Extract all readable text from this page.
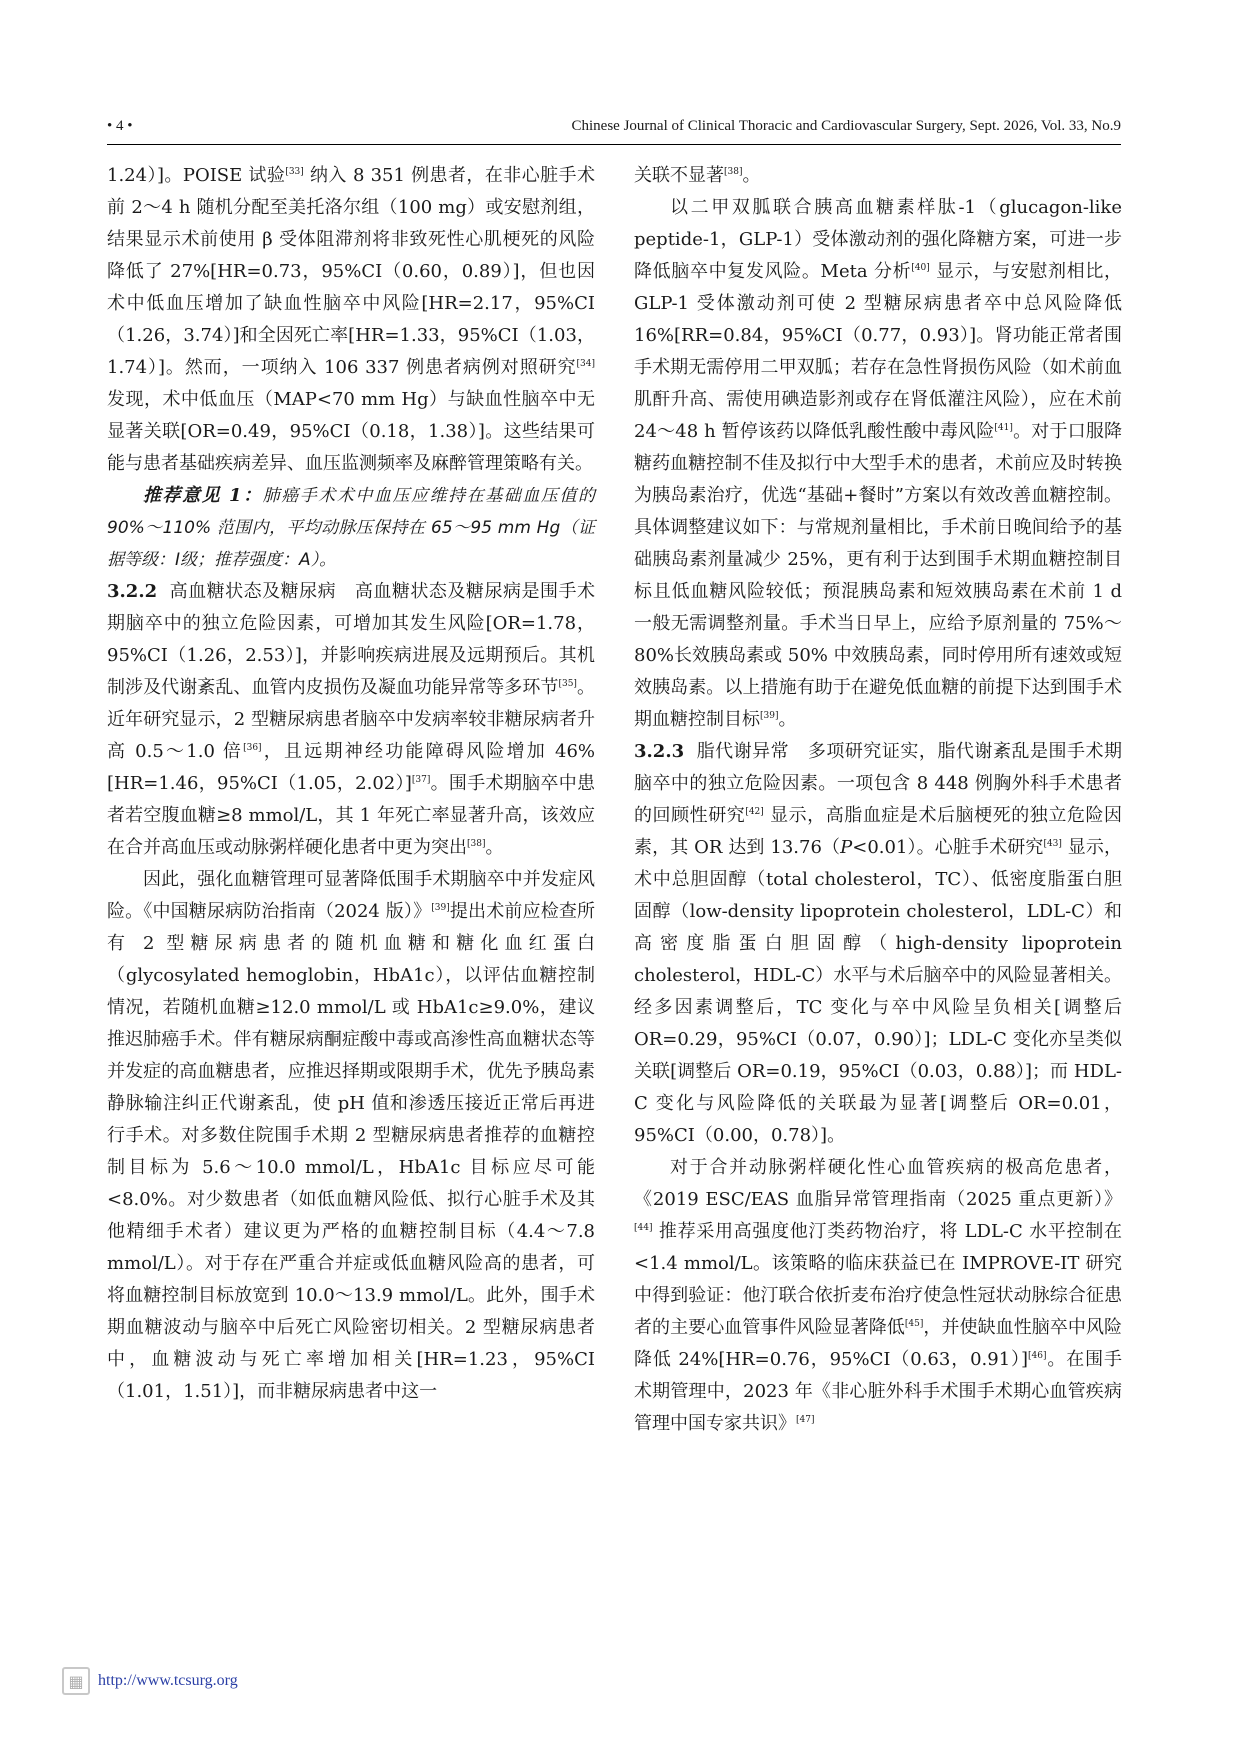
• 4 •	Chinese Journal of Clinical Thoracic and Cardiovascular Surgery, Sept. 2026, Vol. 33, No.9

1.24）]。POISE 试验[33] 纳入 8 351 例患者，在非心脏手术前 2～4 h 随机分配至美托洛尔组（100 mg）或安慰剂组，结果显示术前使用 β 受体阻滞剂将非致死性心肌梗死的风险降低了 27%[HR=0.73，95%CI（0.60，0.89）]，但也因术中低血压增加了缺血性脑卒中风险[HR=2.17，95%CI（1.26，3.74）]和全因死亡率[HR=1.33，95%CI（1.03，1.74）]。然而，一项纳入 106 337 例患者病例对照研究[34] 发现，术中低血压（MAP<70 mm Hg）与缺血性脑卒中无显著关联[OR=0.49，95%CI（0.18，1.38）]。这些结果可能与患者基础疾病差异、血压监测频率及麻醉管理策略有关。

推荐意见 1：肺癌手术术中血压应维持在基础血压值的 90%～110% 范围内，平均动脉压保持在 65～95 mm Hg（证据等级：Ⅰ级；推荐强度：A）。

3.2.2 高血糖状态及糖尿病 高血糖状态及糖尿病是围手术期脑卒中的独立危险因素，可增加其发生风险[OR=1.78，95%CI（1.26，2.53）]，并影响疾病进展及远期预后。其机制涉及代谢紊乱、血管内皮损伤及凝血功能异常等多环节[35]。近年研究显示，2 型糖尿病患者脑卒中发病率较非糖尿病者升高 0.5～1.0 倍[36]，且远期神经功能障碍风险增加 46%[HR=1.46，95%CI（1.05，2.02）][37]。围手术期脑卒中患者若空腹血糖≥8 mmol/L，其 1 年死亡率显著升高，该效应在合并高血压或动脉粥样硬化患者中更为突出[38]。

因此，强化血糖管理可显著降低围手术期脑卒中并发症风险。《中国糖尿病防治指南（2024 版）》[39]提出术前应检查所有 2 型糖尿病患者的随机血糖和糖化血红蛋白（glycosylated hemoglobin，HbA1c），以评估血糖控制情况，若随机血糖≥12.0 mmol/L 或 HbA1c≥9.0%，建议推迟肺癌手术。伴有糖尿病酮症酸中毒或高渗性高血糖状态等并发症的高血糖患者，应推迟择期或限期手术，优先予胰岛素静脉输注纠正代谢紊乱，使 pH 值和渗透压接近正常后再进行手术。对多数住院围手术期 2 型糖尿病患者推荐的血糖控制目标为 5.6～10.0 mmol/L，HbA1c 目标应尽可能<8.0%。对少数患者（如低血糖风险低、拟行心脏手术及其他精细手术者）建议更为严格的血糖控制目标（4.4～7.8 mmol/L）。对于存在严重合并症或低血糖风险高的患者，可将血糖控制目标放宽到 10.0～13.9 mmol/L。此外，围手术期血糖波动与脑卒中后死亡风险密切相关。2 型糖尿病患者中，血糖波动与死亡率增加相关[HR=1.23，95%CI（1.01，1.51）]，而非糖尿病患者中这一

关联不显著[38]。

以二甲双胍联合胰高血糖素样肽-1（glucagon-like peptide-1，GLP-1）受体激动剂的强化降糖方案，可进一步降低脑卒中复发风险。Meta 分析[40] 显示，与安慰剂相比，GLP-1 受体激动剂可使 2 型糖尿病患者卒中总风险降低 16%[RR=0.84，95%CI（0.77，0.93）]。肾功能正常者围手术期无需停用二甲双胍；若存在急性肾损伤风险（如术前血肌酐升高、需使用碘造影剂或存在肾低灌注风险），应在术前 24～48 h 暂停该药以降低乳酸性酸中毒风险[41]。对于口服降糖药血糖控制不佳及拟行中大型手术的患者，术前应及时转换为胰岛素治疗，优选“基础+餐时”方案以有效改善血糖控制。具体调整建议如下：与常规剂量相比，手术前日晚间给予的基础胰岛素剂量减少 25%，更有利于达到围手术期血糖控制目标且低血糖风险较低；预混胰岛素和短效胰岛素在术前 1 d 一般无需调整剂量。手术当日早上，应给予原剂量的 75%～80%长效胰岛素或 50% 中效胰岛素，同时停用所有速效或短效胰岛素。以上措施有助于在避免低血糖的前提下达到围手术期血糖控制目标[39]。

3.2.3 脂代谢异常 多项研究证实，脂代谢紊乱是围手术期脑卒中的独立危险因素。一项包含 8 448 例胸外科手术患者的回顾性研究[42] 显示，高脂血症是术后脑梗死的独立危险因素，其 OR 达到 13.76（P<0.01）。心脏手术研究[43] 显示，术中总胆固醇（total cholesterol，TC）、低密度脂蛋白胆固醇（low-density lipoprotein cholesterol，LDL-C）和高密度脂蛋白胆固醇（high-density lipoprotein cholesterol，HDL-C）水平与术后脑卒中的风险显著相关。经多因素调整后，TC 变化与卒中风险呈负相关[调整后 OR=0.29，95%CI（0.07，0.90）]；LDL-C 变化亦呈类似关联[调整后 OR=0.19，95%CI（0.03，0.88）]；而 HDL-C 变化与风险降低的关联最为显著[调整后 OR=0.01，95%CI（0.00，0.78）]。

对于合并动脉粥样硬化性心血管疾病的极高危患者，《2019 ESC/EAS 血脂异常管理指南（2025 重点更新）》[44] 推荐采用高强度他汀类药物治疗，将 LDL-C 水平控制在<1.4 mmol/L。该策略的临床获益已在 IMPROVE-IT 研究中得到验证：他汀联合依折麦布治疗使急性冠状动脉综合征患者的主要心血管事件风险显著降低[45]，并使缺血性脑卒中风险降低 24%[HR=0.76，95%CI（0.63，0.91）][46]。在围手术期管理中，2023 年《非心脏外科手术围手术期心血管疾病管理中国专家共识》[47]

▦ http://www.tcsurg.org
